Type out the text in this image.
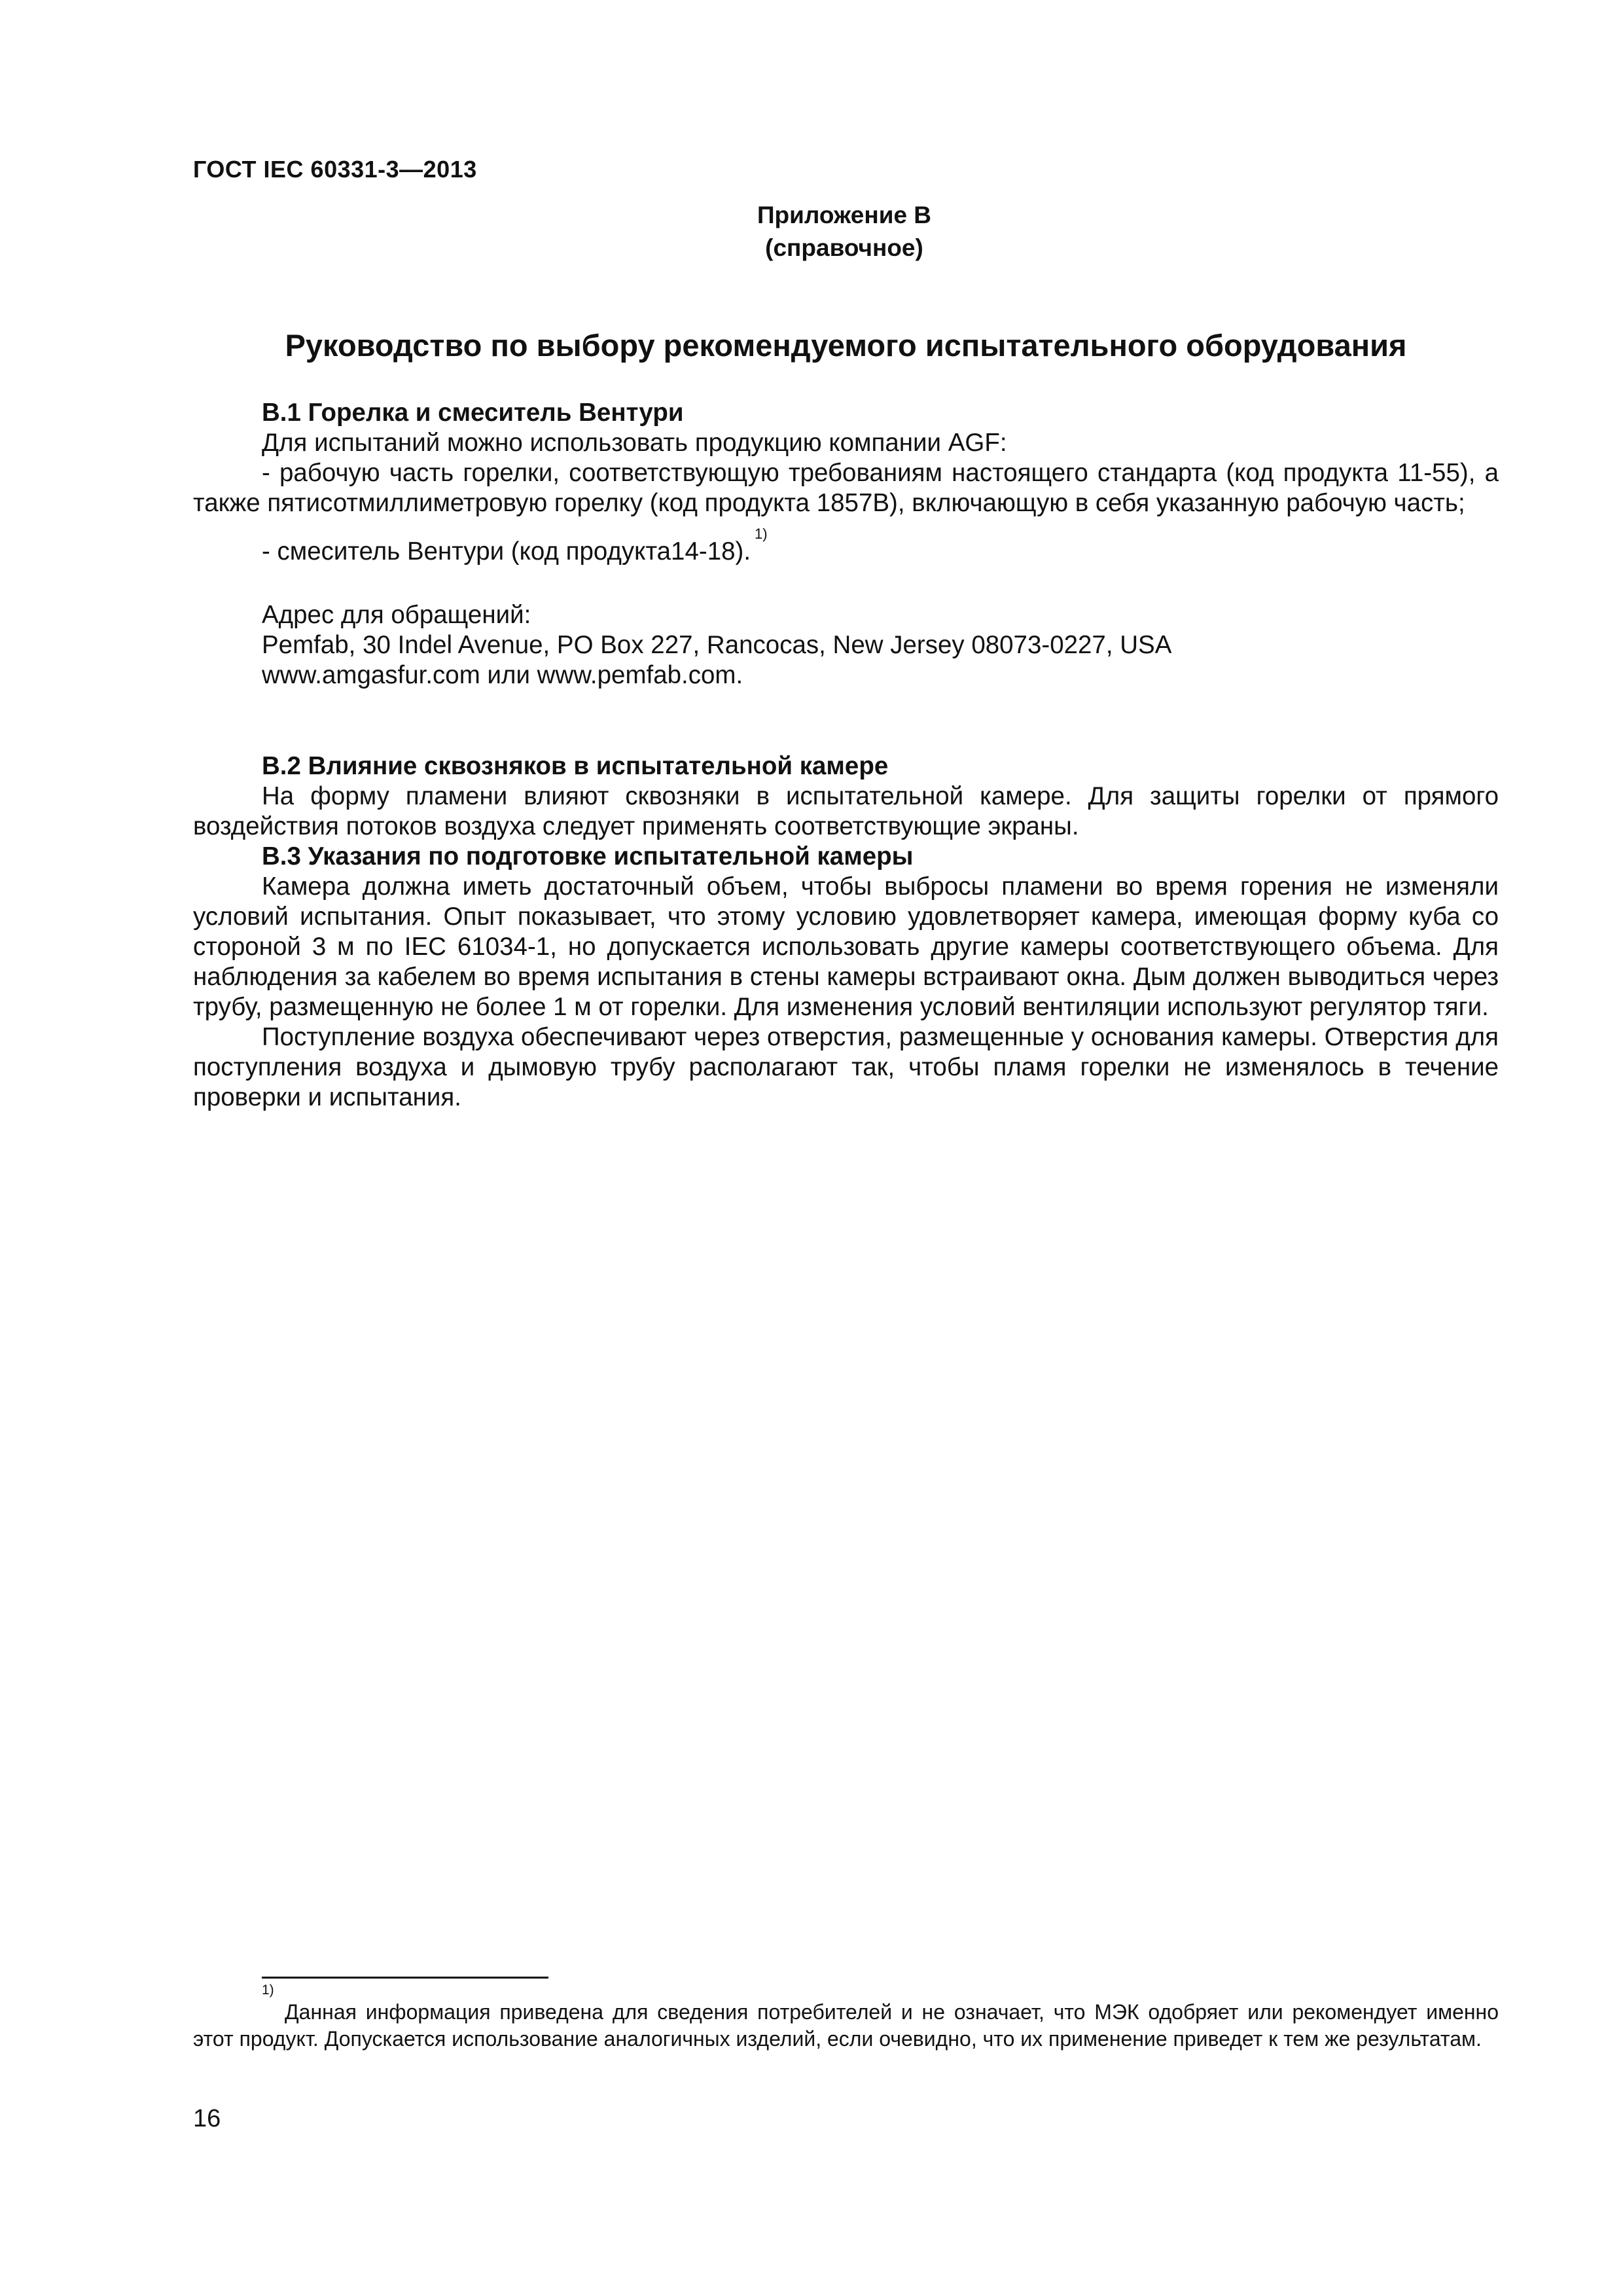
ГОСТ IEC 60331-3—2013
Приложение В
(справочное)
Руководство по выбору рекомендуемого испытательного оборудования

В.1 Горелка и смеситель Вентури

Для испытаний можно использовать продукцию компании AGF:

- рабочую часть горелки, соответствующую требованиям настоящего стандарта (код продукта 11-55), а также пятисотмиллиметровую горелку (код продукта 1857В), включающую в себя указанную рабочую часть;

- смеситель Вентури (код продукта14-18).$^{1)}$

Адрес для обращений:

Pemfab, 30 Indel Avenue, PO Box 227, Rancocas, New Jersey 08073-0227, USA

www.amgasfur.com или www.pemfab.com.

В.2 Влияние сквозняков в испытательной камере

На форму пламени влияют сквозняки в испытательной камере. Для защиты горелки от прямого воздействия потоков воздуха следует применять соответствующие экраны.

В.3 Указания по подготовке испытательной камеры

Камера должна иметь достаточный объем, чтобы выбросы пламени во время горения не изменяли условий испытания. Опыт показывает, что этому условию удовлетворяет камера, имеющая форму куба со стороной 3 м по IEC 61034-1, но допускается использовать другие камеры соответствующего объема. Для наблюдения за кабелем во время испытания в стены камеры встраивают окна. Дым должен выводиться через трубу, размещенную не более 1 м от горелки. Для изменения условий вентиляции используют регулятор тяги.

Поступление воздуха обеспечивают через отверстия, размещенные у основания камеры. Отверстия для поступления воздуха и дымовую трубу располагают так, чтобы пламя горелки не изменялось в течение проверки и испытания.

1)
Данная информация приведена для сведения потребителей и не означает, что МЭК одобряет или рекомендует именно этот продукт. Допускается использование аналогичных изделий, если очевидно, что их применение приведет к тем же результатам.
16
